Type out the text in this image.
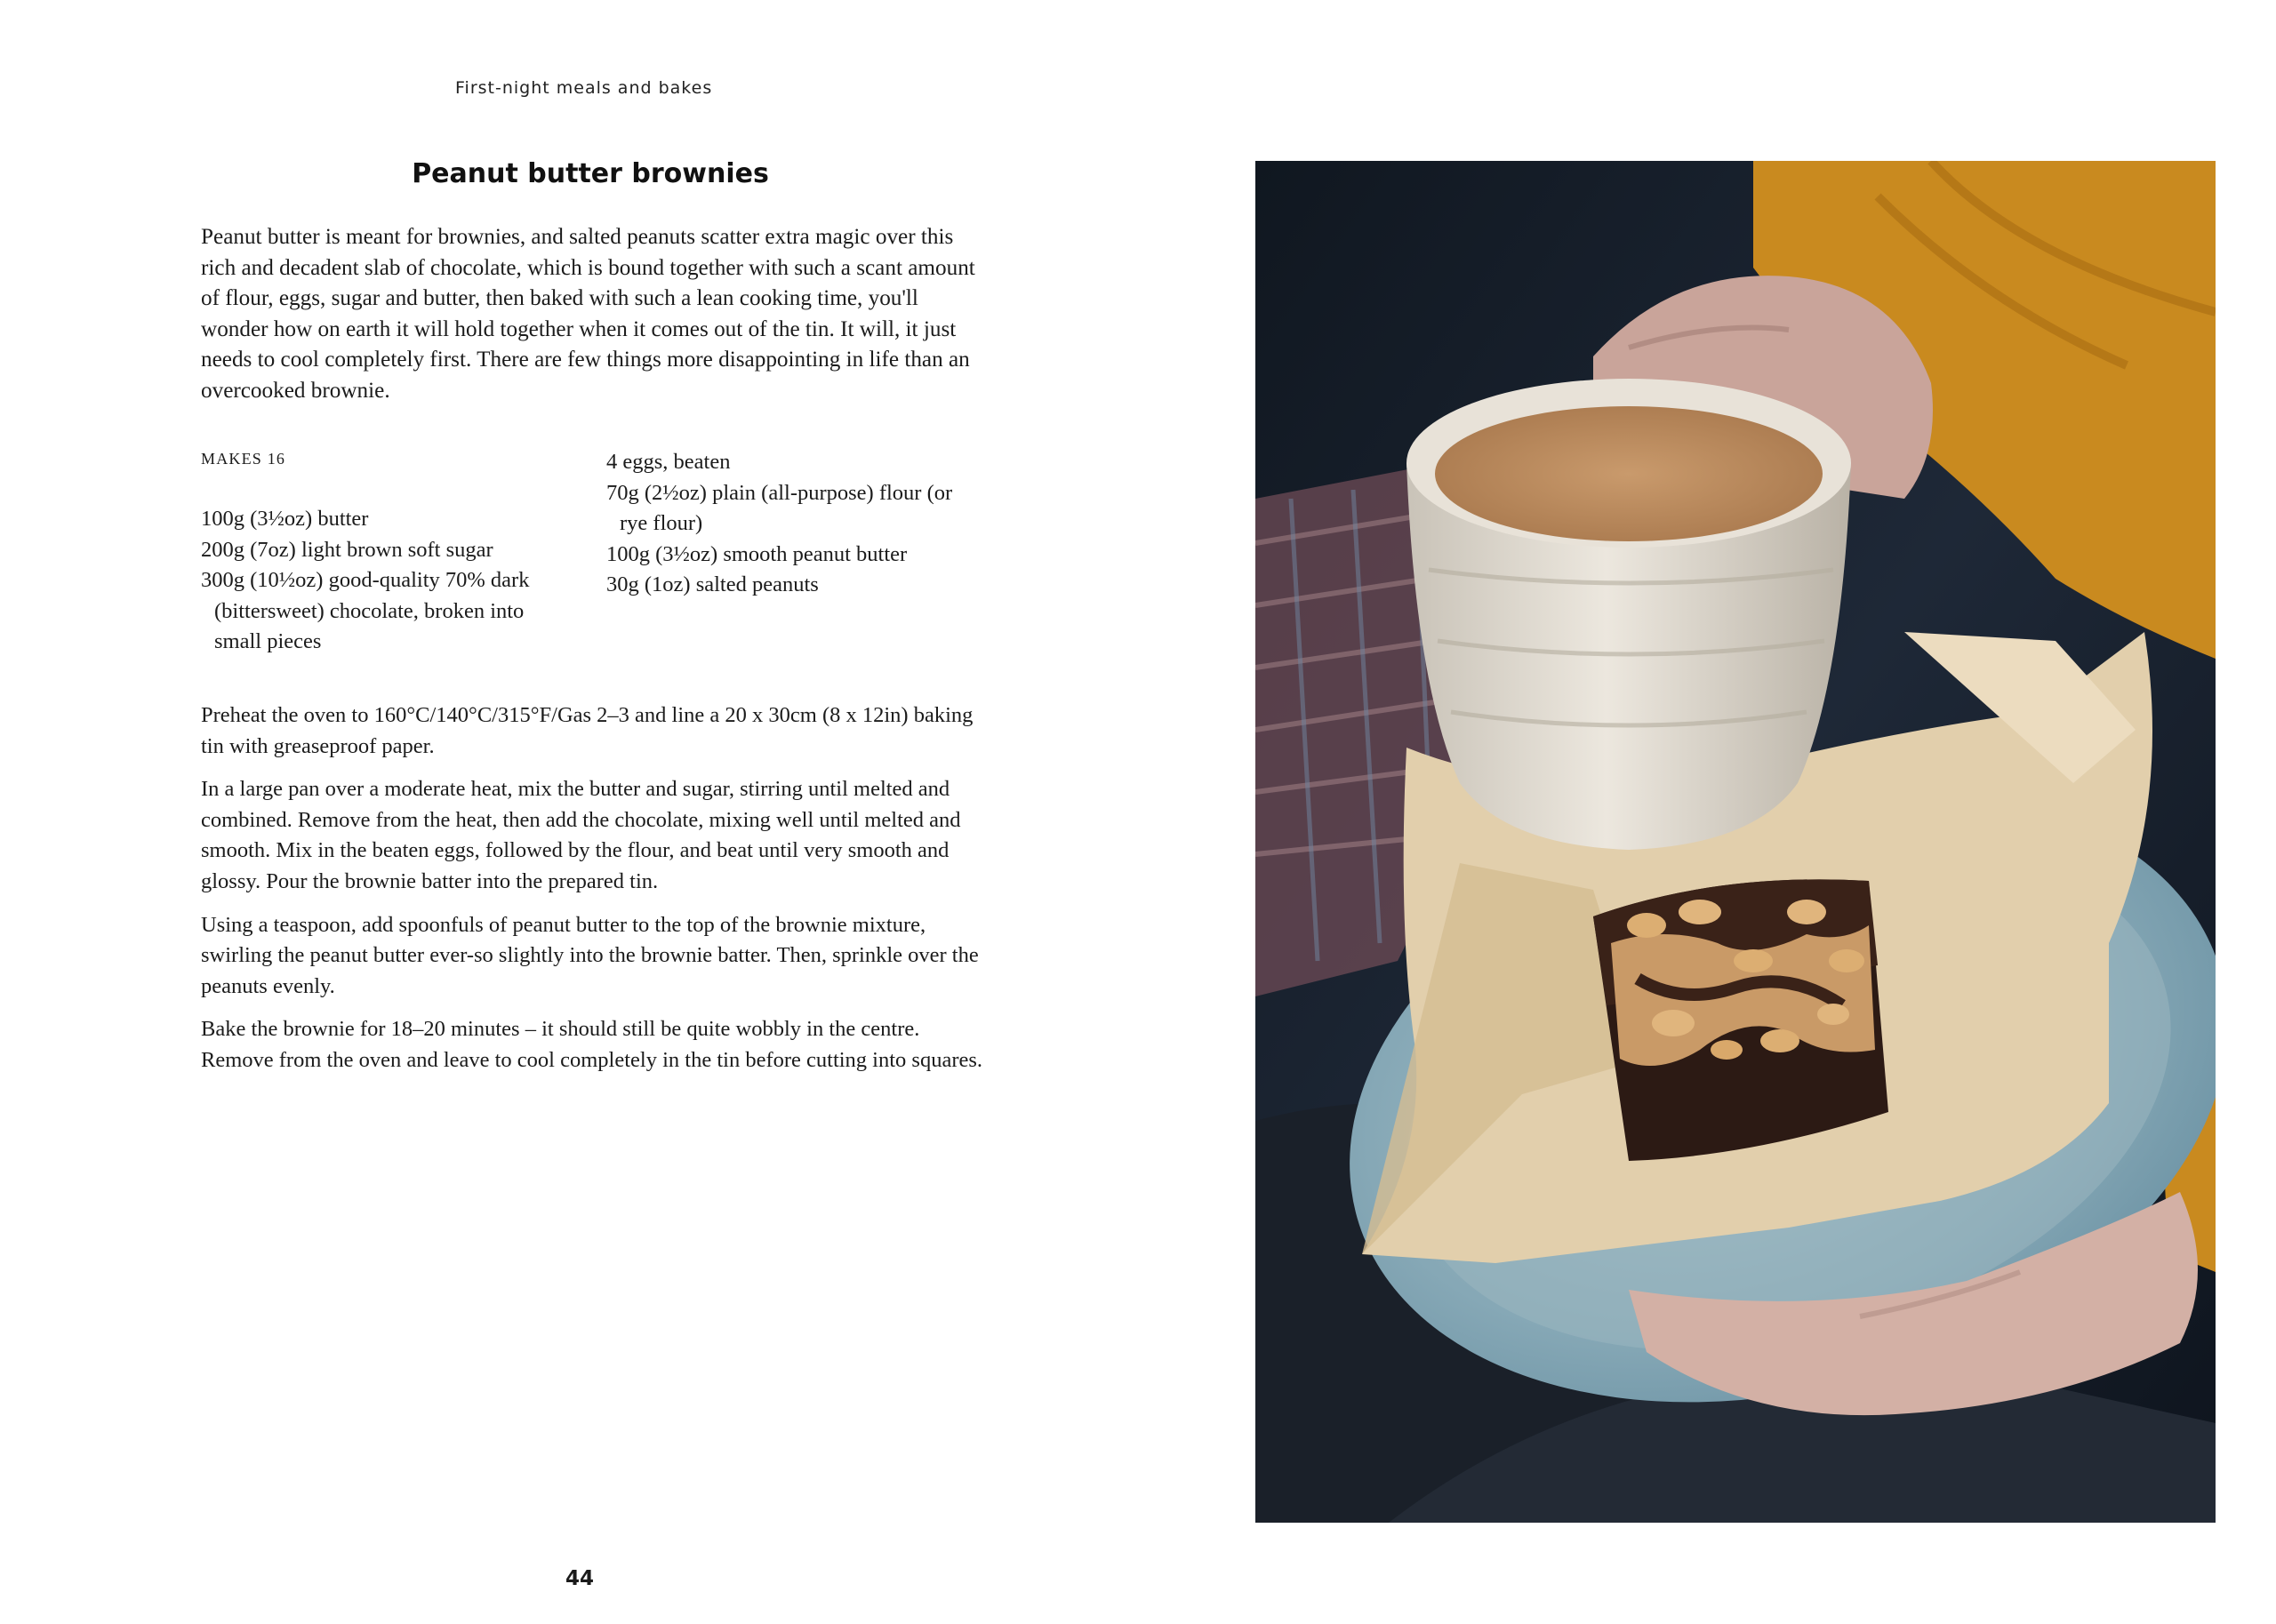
First-night meals and bakes
Peanut butter brownies

Peanut butter is meant for brownies, and salted peanuts scatter extra magic over this rich and decadent slab of chocolate, which is bound together with such a scant amount of flour, eggs, sugar and butter, then baked with such a lean cooking time, you'll wonder how on earth it will hold together when it comes out of the tin. It will, it just needs to cool completely first. There are few things more disappointing in life than an overcooked brownie.

MAKES 16
100g (3½oz) butter
200g (7oz) light brown soft sugar
300g (10½oz) good-quality 70% dark (bittersweet) chocolate, broken into small pieces
4 eggs, beaten
70g (2½oz) plain (all-purpose) flour (or rye flour)
100g (3½oz) smooth peanut butter
30g (1oz) salted peanuts

Preheat the oven to 160°C/140°C/315°F/Gas 2–3 and line a 20 x 30cm (8 x 12in) baking tin with greaseproof paper.

In a large pan over a moderate heat, mix the butter and sugar, stirring until melted and combined. Remove from the heat, then add the chocolate, mixing well until melted and smooth. Mix in the beaten eggs, followed by the flour, and beat until very smooth and glossy. Pour the brownie batter into the prepared tin.

Using a teaspoon, add spoonfuls of peanut butter to the top of the brownie mixture, swirling the peanut butter ever-so slightly into the brownie batter. Then, sprinkle over the peanuts evenly.

Bake the brownie for 18–20 minutes – it should still be quite wobbly in the centre. Remove from the oven and leave to cool completely in the tin before cutting into squares.

44
